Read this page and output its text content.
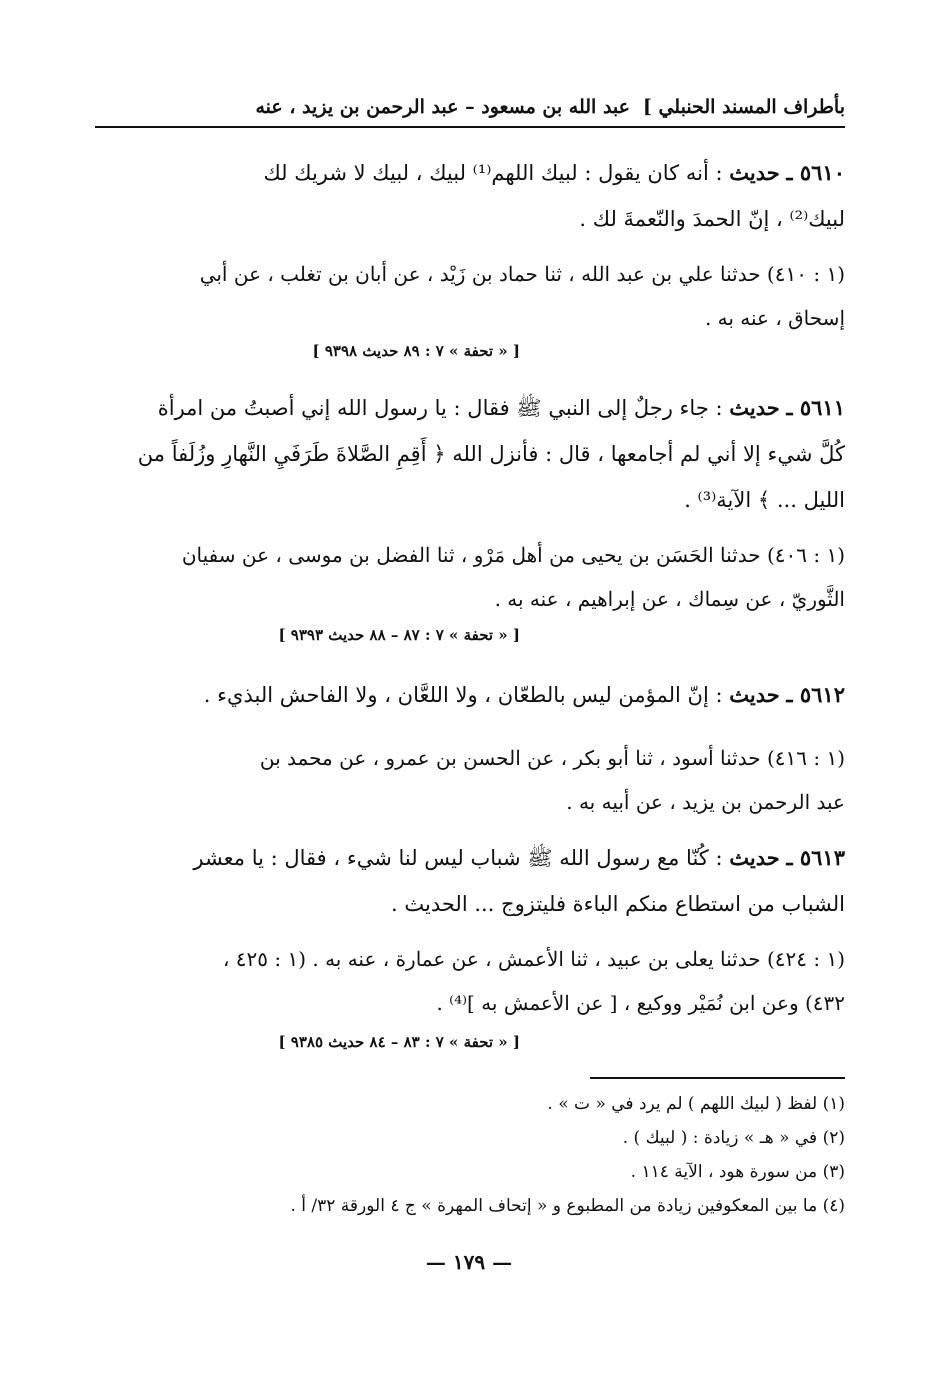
بأطراف المسند الحنبلي ]
عبد الله بن مسعود – عبد الرحمن بن يزيد ، عنه
٥٦١٠ ـ حديث : أنه كان يقول : لبيك اللهم⁽¹⁾ لبيك ، لبيك لا شريك لك
لبيك⁽²⁾ ، إنّ الحمدَ والنّعمةَ لك .
(١ : ٤١٠) حدثنا علي بن عبد الله ، ثنا حماد بن زَيْد ، عن أبان بن تغلب ، عن أبي
إسحاق ، عنه به .
[ « تحفة » ٧ : ٨٩ حديث ٩٣٩٨ ]
٥٦١١ ـ حديث : جاء رجلٌ إلى النبي ﷺ فقال : يا رسول الله إني أصبتُ من امرأة
كُلَّ شيء إلا أني لم أجامعها ، قال : فأنزل الله ﴿ أَقِمِ الصَّلاةَ طَرَفَيِ النَّهارِ وزُلَفاً من
الليل ... ﴾ الآية⁽³⁾ .
(١ : ٤٠٦) حدثنا الحَسَن بن يحيى من أهل مَرْو ، ثنا الفضل بن موسى ، عن سفيان
الثَّوريّ ، عن سِماك ، عن إبراهيم ، عنه به .
[ « تحفة » ٧ : ٨٧ – ٨٨ حديث ٩٣٩٣ ]
٥٦١٢ ـ حديث : إنّ المؤمن ليس بالطعّان ، ولا اللعَّان ، ولا الفاحش البذيء .
(١ : ٤١٦) حدثنا أسود ، ثنا أبو بكر ، عن الحسن بن عمرو ، عن محمد بن
عبد الرحمن بن يزيد ، عن أبيه به .
٥٦١٣ ـ حديث : كُنّا مع رسول الله ﷺ شباب ليس لنا شيء ، فقال : يا معشر
الشباب من استطاع منكم الباءة فليتزوج ... الحديث .
(١ : ٤٢٤) حدثنا يعلى بن عبيد ، ثنا الأعمش ، عن عمارة ، عنه به . (١ : ٤٢٥ ،
٤٣٢) وعن ابن نُمَيْر ووكيع ، [ عن الأعمش به ]⁽⁴⁾ .
[ « تحفة » ٧ : ٨٣ – ٨٤ حديث ٩٣٨٥ ]
(١) لفظ ( لبيك اللهم ) لم يرد في « ت » .
(٢) في « هـ » زيادة : ( لبيك ) .
(٣) من سورة هود ، الآية ١١٤ .
(٤) ما بين المعكوفين زيادة من المطبوع و « إتحاف المهرة » ج ٤ الورقة ٣٢/ أ .
— ١٧٩ —
